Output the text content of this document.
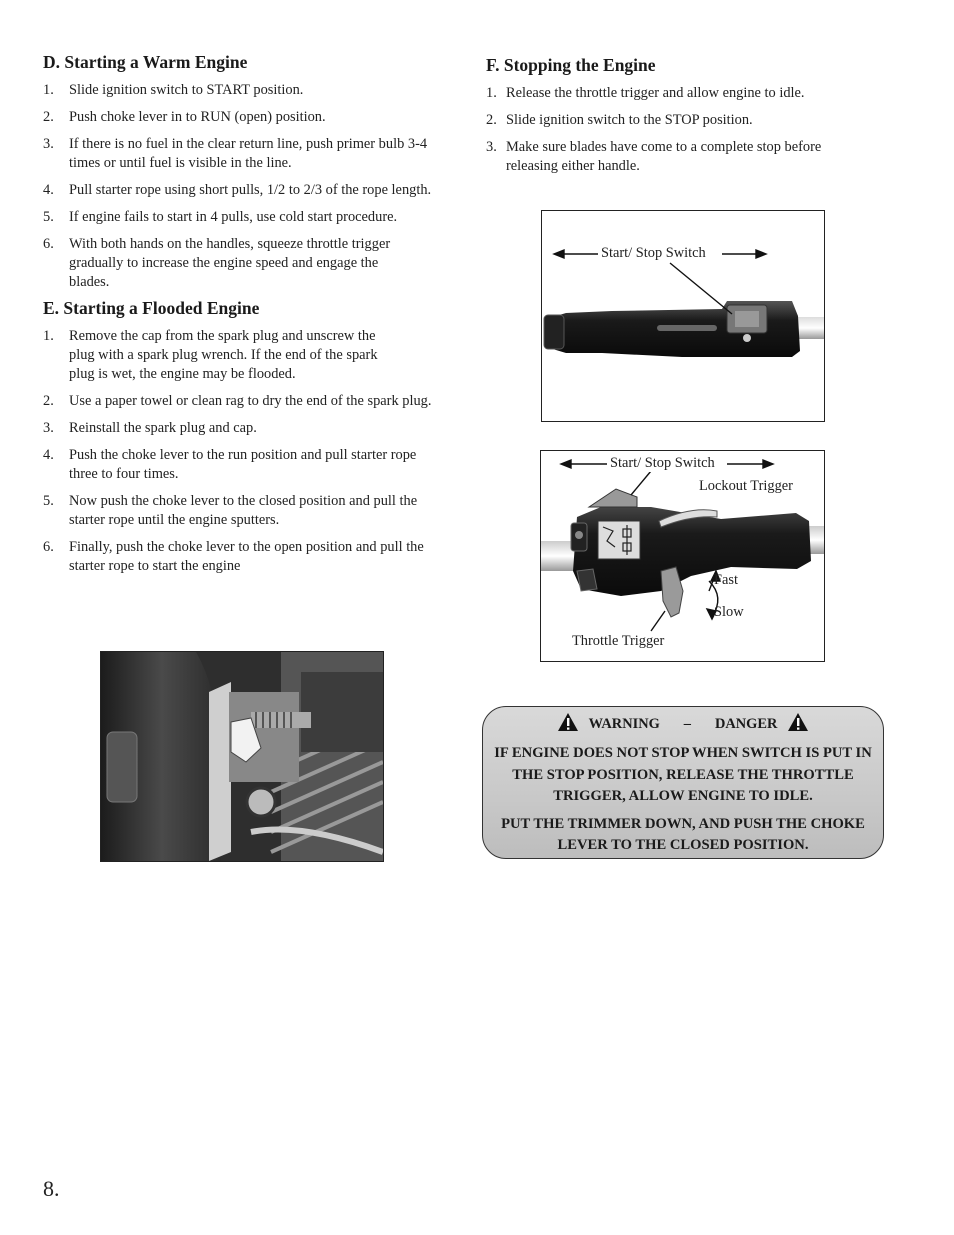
D. Starting a Warm Engine
1. Slide ignition switch to START position.
2. Push choke lever in to RUN (open) position.
3. If there is no fuel in the clear return line, push primer bulb 3-4 times or until fuel is visible in the line.
4. Pull starter rope using short pulls, 1/2 to 2/3 of the rope length.
5. If engine fails to start in 4 pulls, use cold start procedure.
6. With both hands on the handles, squeeze throttle trigger gradually to increase the engine speed and engage the blades.
E. Starting a Flooded Engine
1. Remove the cap from the spark plug and unscrew the plug with a spark plug wrench. If the end of the spark plug is wet, the engine may be flooded.
2. Use a paper towel or clean rag to dry the end of the spark plug.
3. Reinstall the spark plug and cap.
4. Push the choke lever to the run position and pull starter rope three to four times.
5. Now push the choke lever to the closed position and pull the starter rope until the engine sputters.
6. Finally, push the choke lever to the open position and pull the starter rope to start the engine
F. Stopping the Engine
1. Release the throttle trigger and allow engine to idle.
2. Slide ignition switch to the STOP position.
3. Make sure blades have come to a complete stop before releasing either handle.
Start/ Stop Switch
Start/ Stop Switch
Lockout Trigger
Fast
Slow
Throttle Trigger
WARNING – DANGER

IF ENGINE DOES NOT STOP WHEN SWITCH IS PUT IN THE STOP POSITION, RELEASE THE THROTTLE TRIGGER, ALLOW ENGINE TO IDLE.

PUT THE TRIMMER DOWN, AND PUSH THE CHOKE LEVER TO THE CLOSED POSITION.

8.
